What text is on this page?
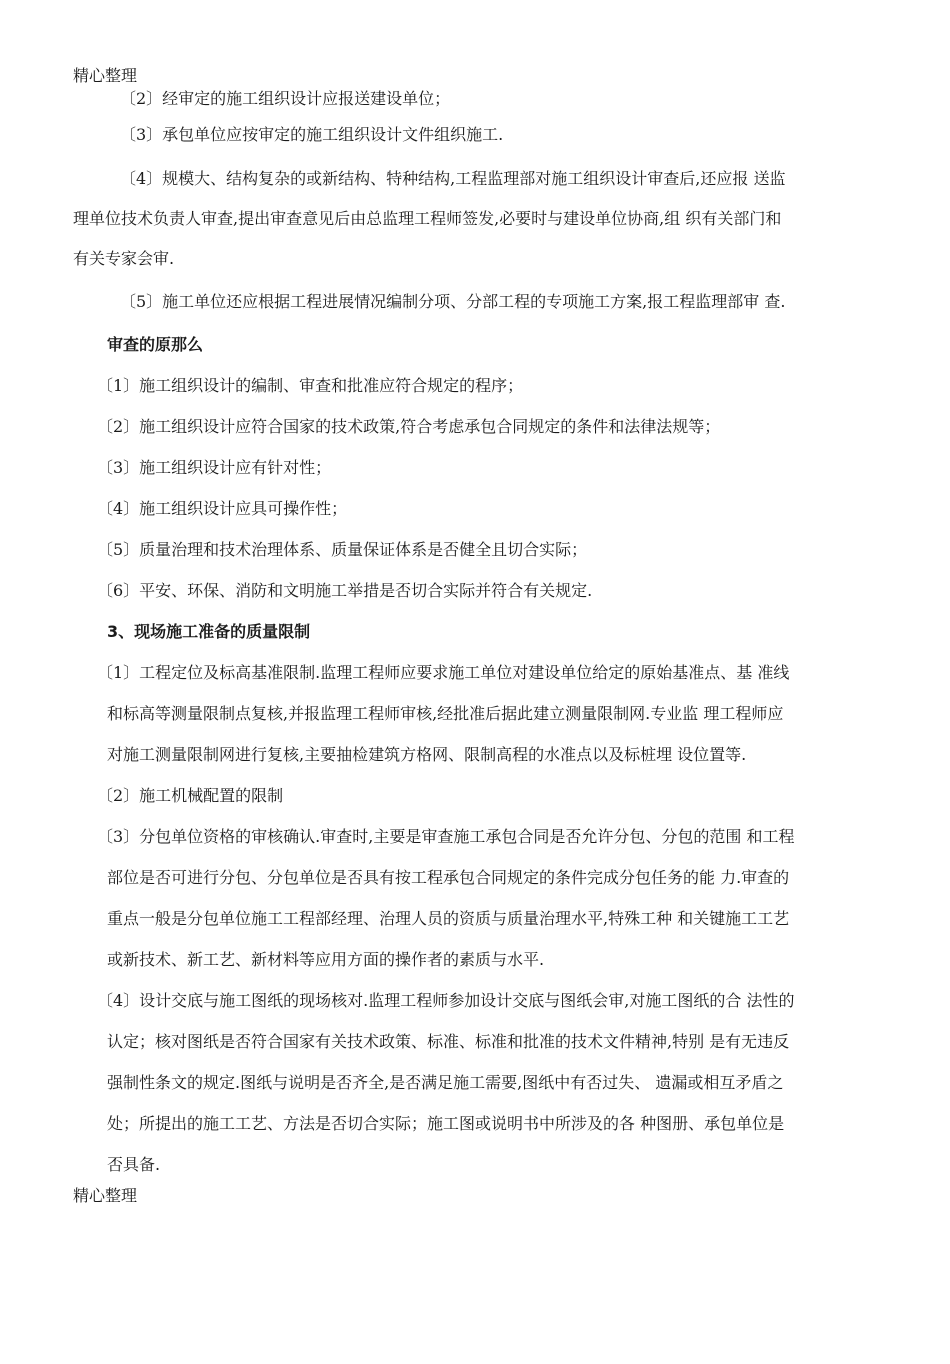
精心整理
〔2〕经审定的施工组织设计应报送建设单位；
〔3〕承包单位应按审定的施工组织设计文件组织施工.
〔4〕规模大、结构复杂的或新结构、特种结构,工程监理部对施工组织设计审查后,还应报 送监
理单位技术负责人审查,提出审查意见后由总监理工程师签发,必要时与建设单位协商,组 织有关部门和
有关专家会审.
〔5〕施工单位还应根据工程进展情况编制分项、分部工程的专项施工方案,报工程监理部审 查.
审查的原那么
〔1〕施工组织设计的编制、审查和批准应符合规定的程序；
〔2〕施工组织设计应符合国家的技术政策,符合考虑承包合同规定的条件和法律法规等；
〔3〕施工组织设计应有针对性；
〔4〕施工组织设计应具可操作性；
〔5〕质量治理和技术治理体系、质量保证体系是否健全且切合实际；
〔6〕平安、环保、消防和文明施工举措是否切合实际并符合有关规定.
3、现场施工准备的质量限制
〔1〕工程定位及标高基准限制.监理工程师应要求施工单位对建设单位给定的原始基准点、基 准线
和标高等测量限制点复核,并报监理工程师审核,经批准后据此建立测量限制网.专业监 理工程师应
对施工测量限制网进行复核,主要抽检建筑方格网、限制高程的水准点以及标桩埋 设位置等.
〔2〕施工机械配置的限制
〔3〕分包单位资格的审核确认.审查时,主要是审查施工承包合同是否允许分包、分包的范围 和工程
部位是否可进行分包、分包单位是否具有按工程承包合同规定的条件完成分包任务的能 力.审查的
重点一般是分包单位施工工程部经理、治理人员的资质与质量治理水平,特殊工种 和关键施工工艺
或新技术、新工艺、新材料等应用方面的操作者的素质与水平.
〔4〕设计交底与施工图纸的现场核对.监理工程师参加设计交底与图纸会审,对施工图纸的合 法性的
认定；核对图纸是否符合国家有关技术政策、标准、标准和批准的技术文件精神,特别 是有无违反
强制性条文的规定.图纸与说明是否齐全,是否满足施工需要,图纸中有否过失、 遗漏或相互矛盾之
处；所提出的施工工艺、方法是否切合实际；施工图或说明书中所涉及的各 种图册、承包单位是
否具备.
精心整理
